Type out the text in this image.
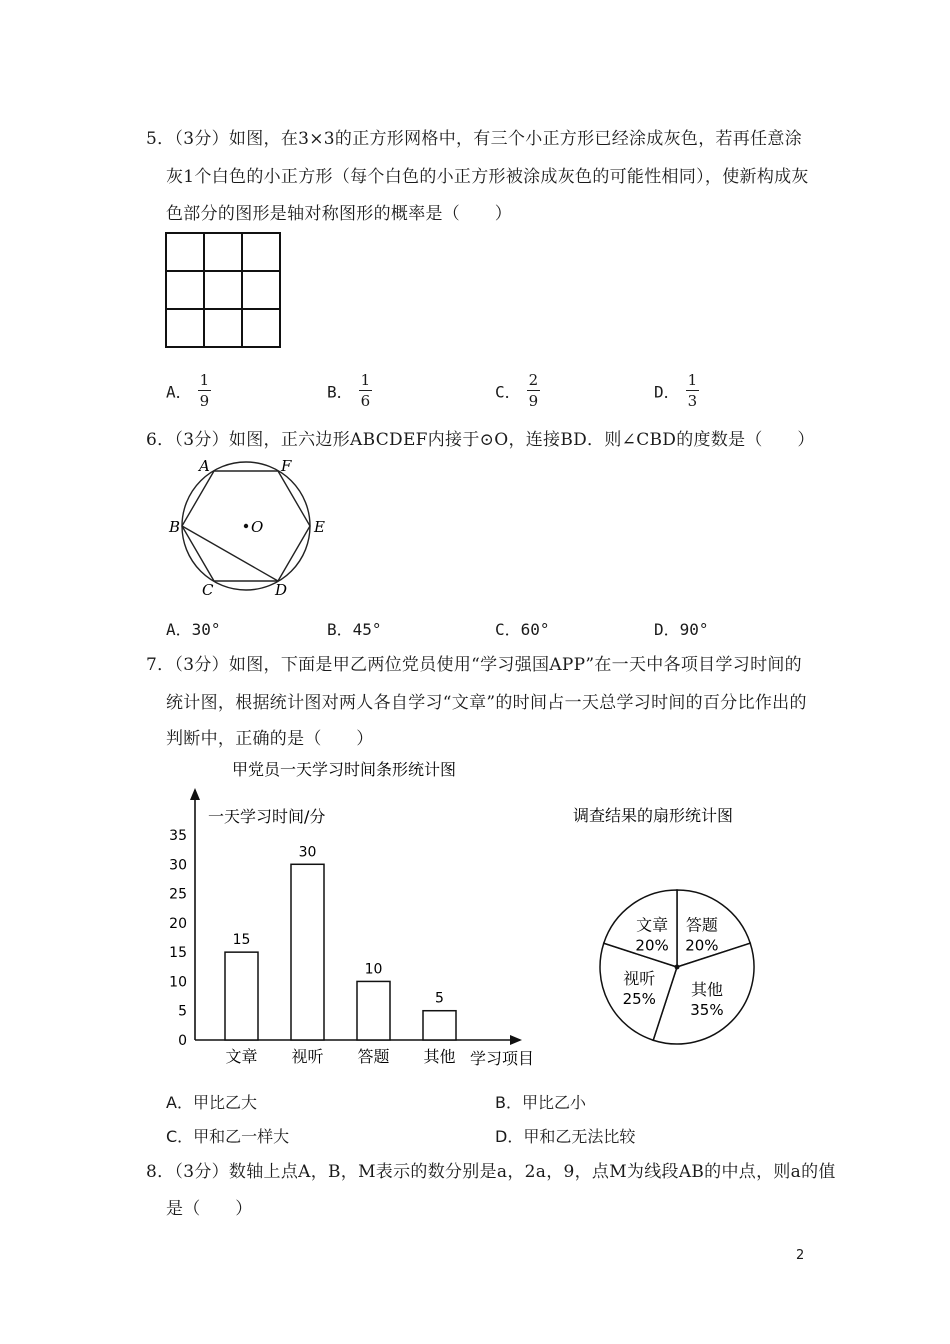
5．（3分）如图，在3×3的正方形网格中，有三个小正方形已经涂成灰色，若再任意涂
灰1个白色的小正方形（每个白色的小正方形被涂成灰色的可能性相同），使新构成灰
色部分的图形是轴对称图形的概率是（　　）
A． $\frac{1}{9}$	B． $\frac{1}{6}$	C． $\frac{2}{9}$	D． $\frac{1}{3}$
6．（3分）如图，正六边形ABCDEF内接于⊙O，连接BD．则∠CBD的度数是（　　）
A	F
B	E
C	D
O
A．30°	B．45°	C．60°	D．90°
7．（3分）如图，下面是甲乙两位党员使用“学习强国APP”在一天中各项目学习时间的
统计图，根据统计图对两人各自学习“文章”的时间占一天总学习时间的百分比作出的
判断中，正确的是（　　）
甲党员一天学习时间条形统计图
一天学习时间/分
学习项目
0
5
10
15
20
25
30
35
15
文章
30
视听
10
答题
5
其他
调查结果的扇形统计图
答题
20%
其他
35%
视听
25%
文章
20%
A．甲比乙大	B．甲比乙小
C．甲和乙一样大	D．甲和乙无法比较
8．（3分）数轴上点A，B，M表示的数分别是a，2a，9，点M为线段AB的中点，则a的值
是（　　）
2
